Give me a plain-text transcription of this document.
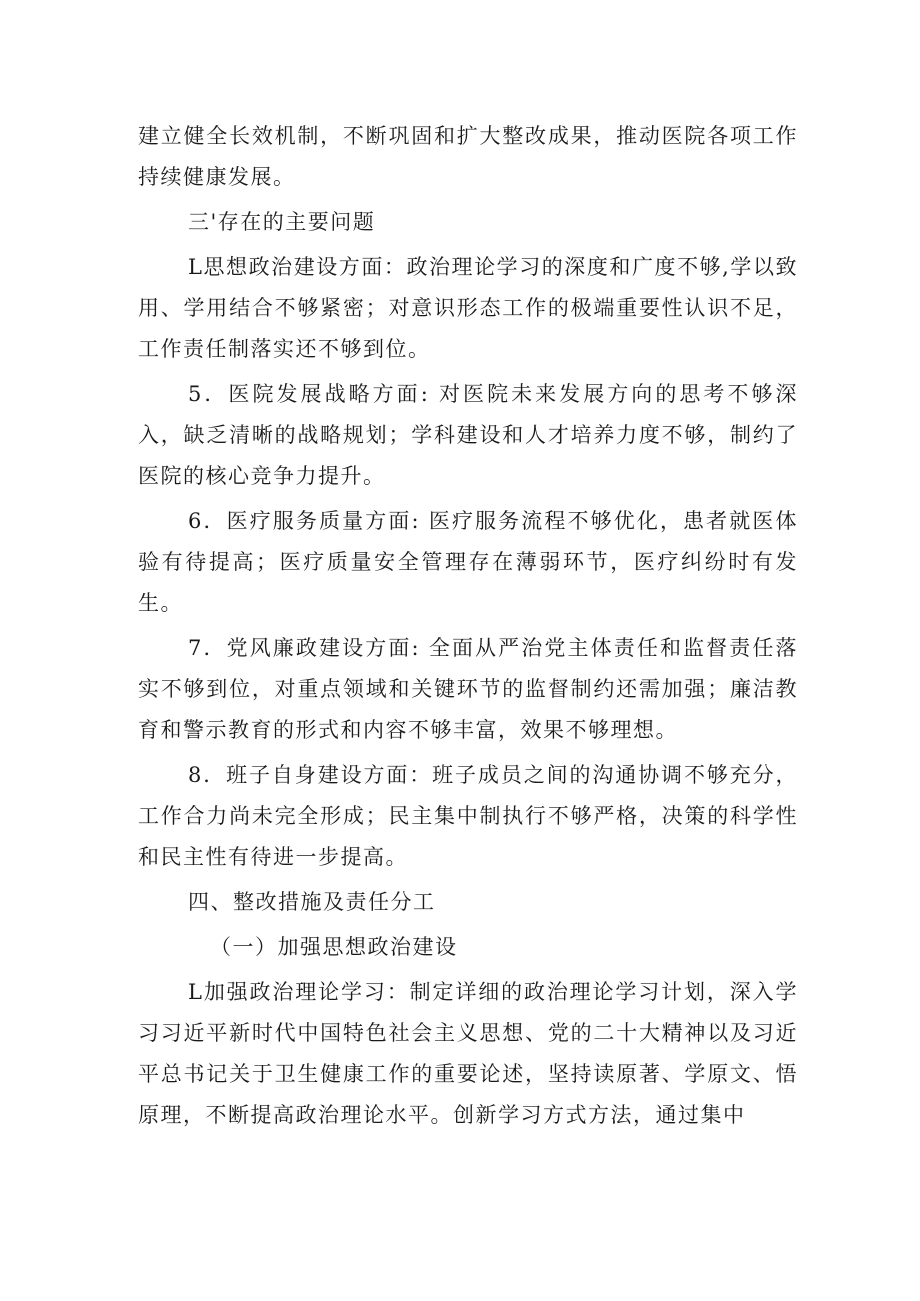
建立健全长效机制，不断巩固和扩大整改成果，推动医院各项工作持续健康发展。

三'存在的主要问题

L思想政治建设方面：政治理论学习的深度和广度不够,学以致用、学用结合不够紧密；对意识形态工作的极端重要性认识不足，工作责任制落实还不够到位。

5．医院发展战略方面: 对医院未来发展方向的思考不够深入，缺乏清晰的战略规划；学科建设和人才培养力度不够，制约了医院的核心竞争力提升。

6．医疗服务质量方面: 医疗服务流程不够优化，患者就医体验有待提高；医疗质量安全管理存在薄弱环节，医疗纠纷时有发生。

7．党风廉政建设方面: 全面从严治党主体责任和监督责任落实不够到位，对重点领域和关键环节的监督制约还需加强；廉洁教育和警示教育的形式和内容不够丰富，效果不够理想。

8．班子自身建设方面：班子成员之间的沟通协调不够充分，工作合力尚未完全形成；民主集中制执行不够严格，决策的科学性和民主性有待进一步提高。

四、整改措施及责任分工

（一）加强思想政治建设

L加强政治理论学习：制定详细的政治理论学习计划，深入学习习近平新时代中国特色社会主义思想、党的二十大精神以及习近平总书记关于卫生健康工作的重要论述，坚持读原著、学原文、悟原理，不断提高政治理论水平。创新学习方式方法，通过集中
